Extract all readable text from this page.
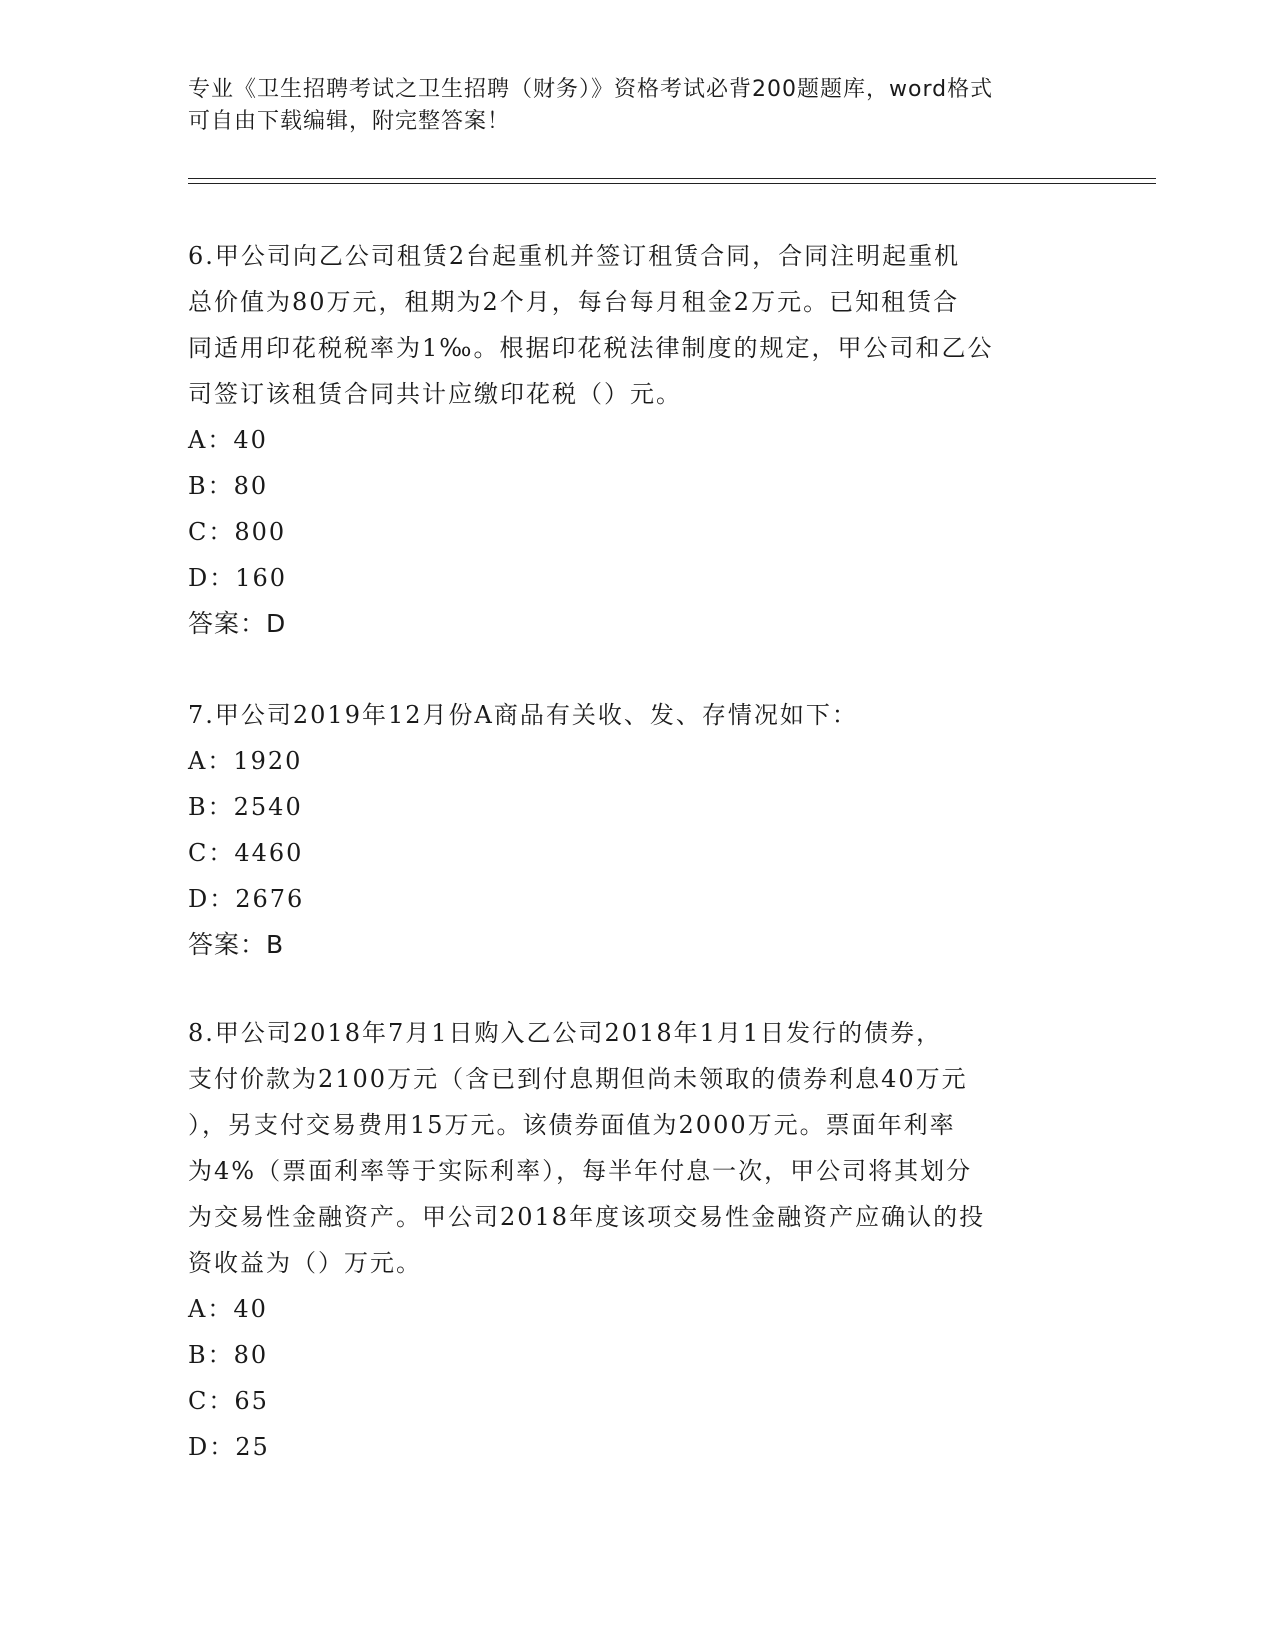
专业《卫生招聘考试之卫生招聘（财务）》资格考试必背200题题库，word格式
可自由下载编辑，附完整答案！

6.甲公司向乙公司租赁2台起重机并签订租赁合同，合同注明起重机

总价值为80万元，租期为2个月，每台每月租金2万元。已知租赁合

同适用印花税税率为1‰。根据印花税法律制度的规定，甲公司和乙公

司签订该租赁合同共计应缴印花税（）元。

A：40

B：80

C：800

D：160

答案：D

7.甲公司2019年12月份A商品有关收、发、存情况如下：

A：1920

B：2540

C：4460

D：2676

答案：B

8.甲公司2018年7月1日购入乙公司2018年1月1日发行的债券，

支付价款为2100万元（含已到付息期但尚未领取的债券利息40万元

），另支付交易费用15万元。该债券面值为2000万元。票面年利率

为4%（票面利率等于实际利率），每半年付息一次，甲公司将其划分

为交易性金融资产。甲公司2018年度该项交易性金融资产应确认的投

资收益为（）万元。

A：40

B：80

C：65

D：25
